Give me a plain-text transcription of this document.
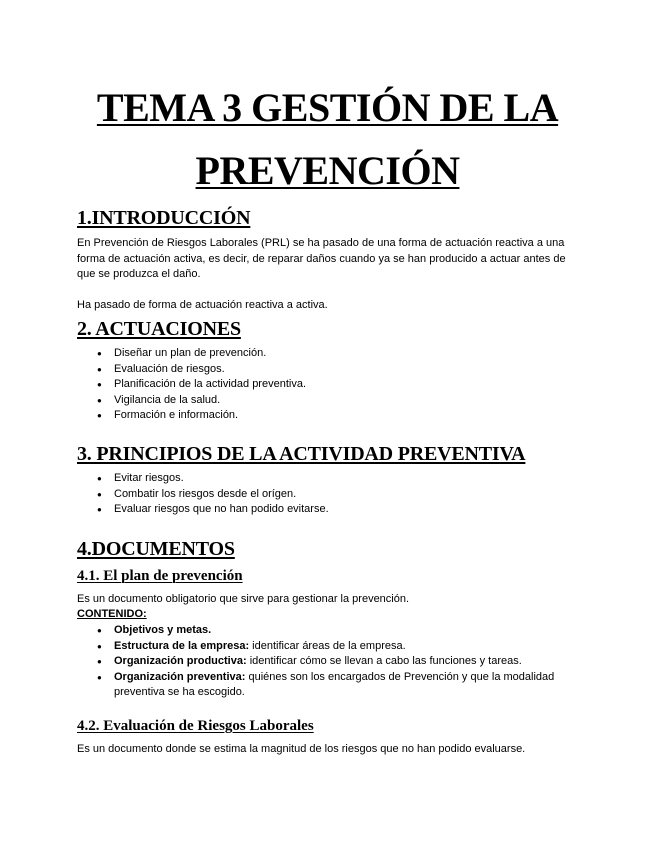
TEMA 3 GESTIÓN DE LA
PREVENCIÓN
1.INTRODUCCIÓN

En Prevención de Riesgos Laborales (PRL) se ha pasado de una forma de actuación reactiva a una forma de actuación activa, es decir, de reparar daños cuando ya se han producido a actuar antes de que se produzca el daño.

Ha pasado de forma de actuación reactiva a activa.
2. ACTUACIONES
● Diseñar un plan de prevención.
● Evaluación de riesgos.
● Planificación de la actividad preventiva.
● Vigilancia de la salud.
● Formación e información.
3. PRINCIPIOS DE LA ACTIVIDAD PREVENTIVA
● Evitar riesgos.
● Combatir los riesgos desde el orígen.
● Evaluar riesgos que no han podido evitarse.
4.DOCUMENTOS
4.1. El plan de prevención
Es un documento obligatorio que sirve para gestionar la prevención.
CONTENIDO:
● Objetivos y metas.
● Estructura de la empresa: identificar áreas de la empresa.
● Organización productiva: identificar cómo se llevan a cabo las funciones y tareas.
● Organización preventiva: quiénes son los encargados de Prevención y que la modalidad preventiva se ha escogido.
4.2. Evaluación de Riesgos Laborales
Es un documento donde se estima la magnitud de los riesgos que no han podido evaluarse.
